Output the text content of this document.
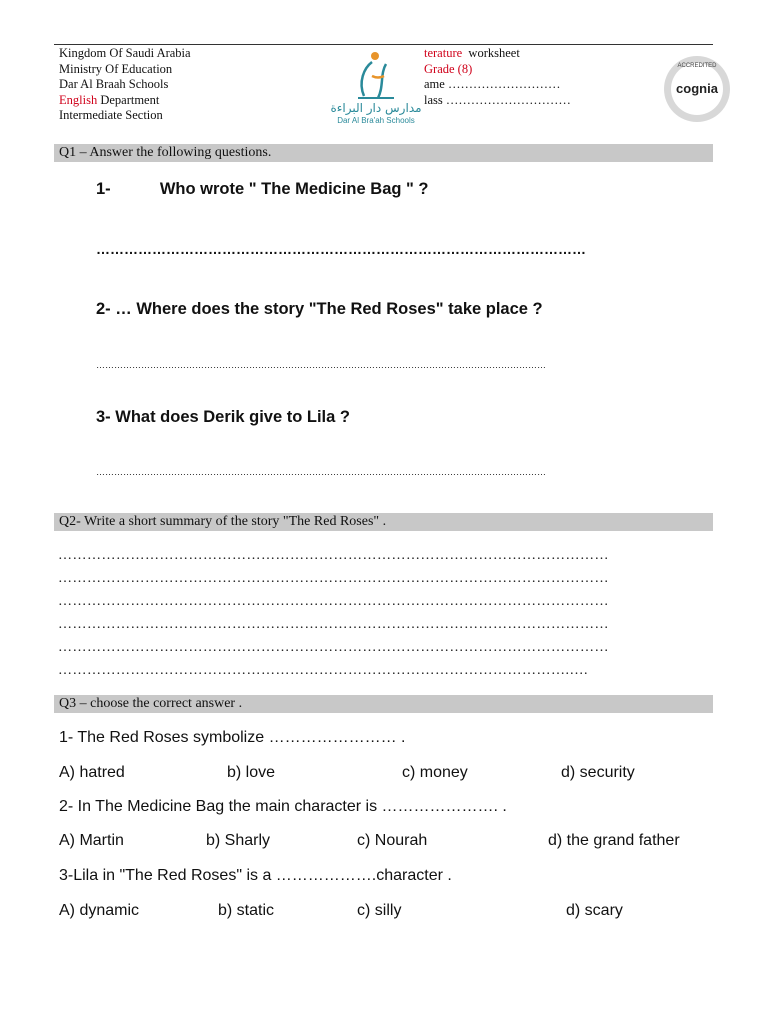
Kingdom Of Saudi Arabia
Ministry Of Education
Dar Al Braah Schools
English Department
Intermediate Section	مدارس دار البراءة
Dar Al Bra'ah Schools
terature worksheet
Grade (8)
ame ………………………
lass …………………………
ACCREDITED
cognia
Q1 – Answer the following questions.
1-	Who wrote " The Medicine Bag " ?
……………………………………………………………………………………………
2- … Where does the story "The Red Roses" take place ?
……………………………………………………………………………………………………………………………………
3- What does Derik give to Lila ?
……………………………………………………………………………………………………………………………………
Q2- Write a short summary of the story "The Red Roses" .
……………………………………………………………………………………………………
……………………………………………………………………………………………………
……………………………………………………………………………………………………
……………………………………………………………………………………………………
……………………………………………………………………………………………………
…………………………………………………………………………………………….….
Q3 – choose the correct answer .
1- The Red Roses symbolize …………………… .
A) hatred	b) love	c) money	d) security
2- In The Medicine Bag the main character is …………………. .
A) Martin	b) Sharly	c) Nourah	d) the grand father
3-Lila in "The Red Roses" is a ……………….character .
A) dynamic	b) static	c) silly	d) scary
